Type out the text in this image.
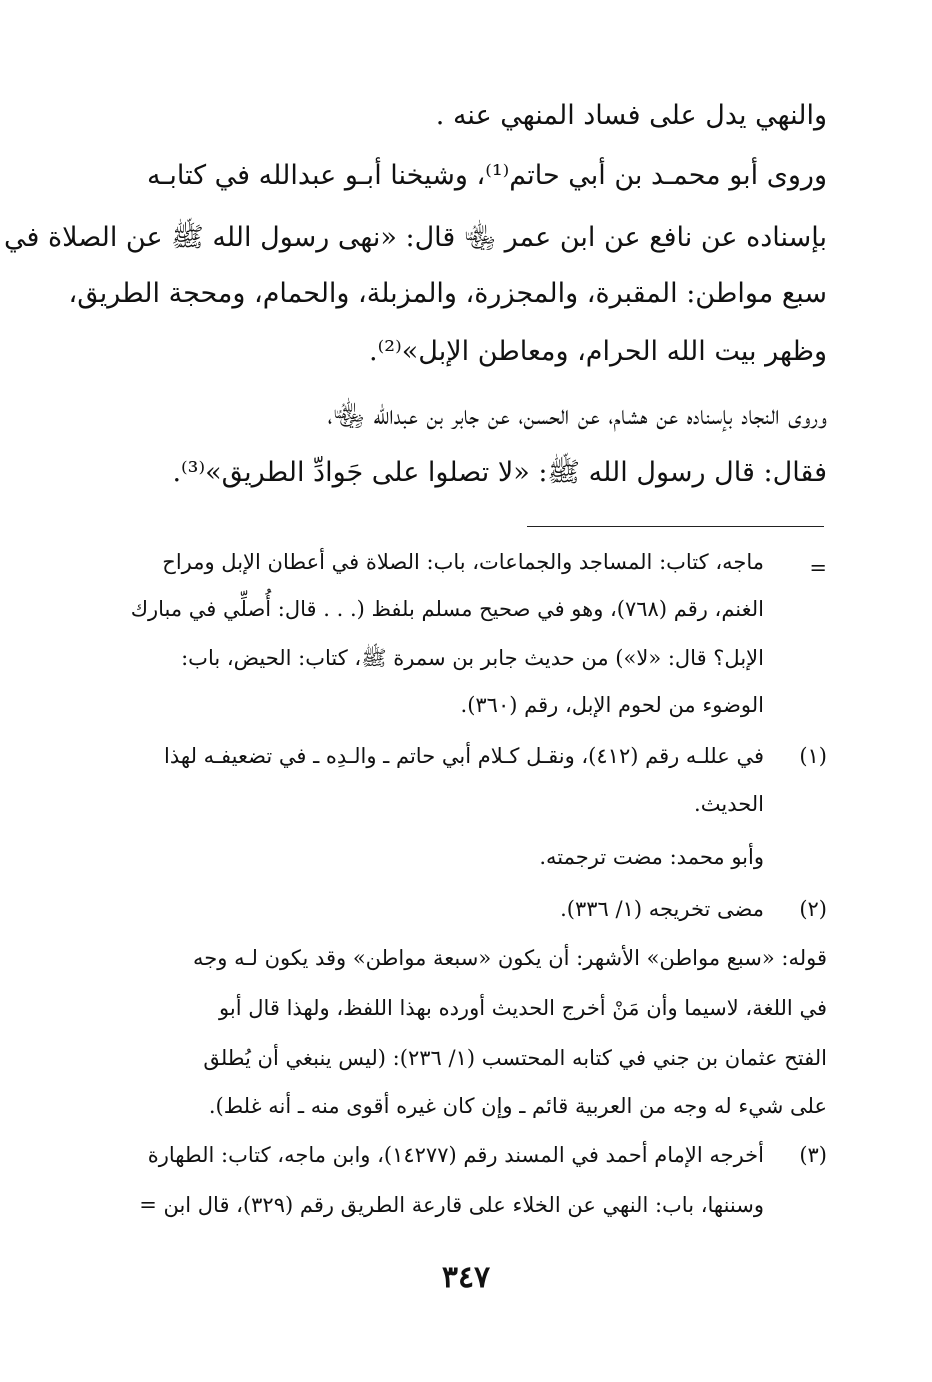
والنهي يدل على فساد المنهي عنه .
وروى أبو محمـد بن أبي حاتم⁽¹⁾، وشيخنا أبـو عبدالله في كتابـه
بإسناده عن نافع عن ابن عمر ﵄ قال: «نهى رسول الله ﷺ عن الصلاة في
سبع مواطن: المقبرة، والمجزرة، والمزبلة، والحمام، ومحجة الطريق،
وظهر بيت الله الحرام، ومعاطن الإبل»⁽²⁾.
وروى النجاد بإسناده عن هشام، عن الحسن، عن جابر بن عبدالله ﵄،
فقال: قال رسول الله ﷺ: «لا تصلوا على جَوادِّ الطريق»⁽³⁾.
=
ماجه، كتاب: المساجد والجماعات، باب: الصلاة في أعطان الإبل ومراح
الغنم، رقم (٧٦٨)، وهو في صحيح مسلم بلفظ (. . . قال: أُصلِّي في مبارك
الإبل؟ قال: «لا») من حديث جابر بن سمرة ﷺ، كتاب: الحيض، باب:
الوضوء من لحوم الإبل، رقم (٣٦٠).
(١)
في عللـه رقم (٤١٢)، ونقـل كـلام أبي حاتم ـ والـدِه ـ في تضعيفـه لهذا
الحديث.
وأبو محمد: مضت ترجمته.
(٢)
مضى تخريجه (١/ ٣٣٦).
قوله: «سبع مواطن» الأشهر: أن يكون «سبعة مواطن» وقد يكون لـه وجه
في اللغة، لاسيما وأن مَنْ أخرج الحديث أورده بهذا اللفظ، ولهذا قال أبو
الفتح عثمان بن جني في كتابه المحتسب (١/ ٢٣٦): (ليس ينبغي أن يُطلق
على شيء له وجه من العربية قائم ـ وإن كان غيره أقوى منه ـ أنه غلط).
(٣)
أخرجه الإمام أحمد في المسند رقم (١٤٢٧٧)، وابن ماجه، كتاب: الطهارة
وسننها، باب: النهي عن الخلاء على قارعة الطريق رقم (٣٢٩)، قال ابن =
٣٤٧
